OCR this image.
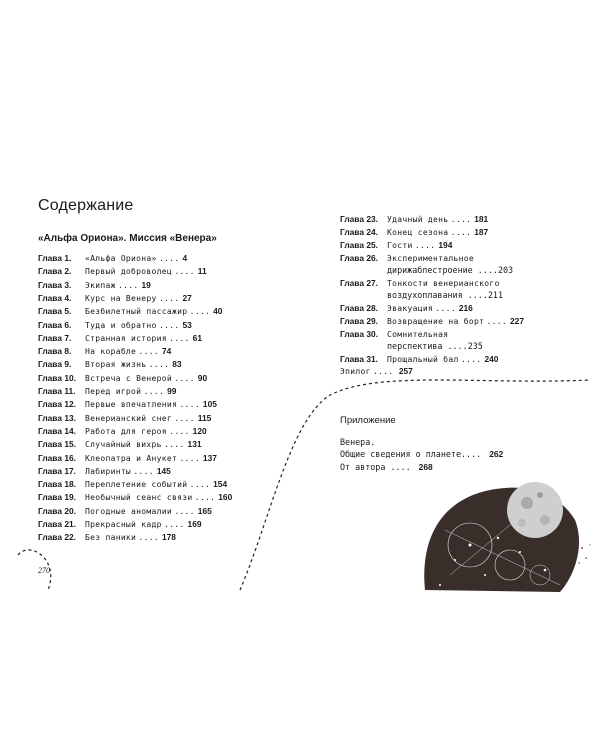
Содержание
«Альфа Ориона». Миссия «Венера»
Глава 1. «Альфа Ориона» .... 4
Глава 2. Первый доброволец .... 11
Глава 3. Экипаж .... 19
Глава 4. Курс на Венеру .... 27
Глава 5. Безбилетный пассажир .... 40
Глава 6. Туда и обратно .... 53
Глава 7. Странная история .... 61
Глава 8. На корабле .... 74
Глава 9. Вторая жизнь .... 83
Глава 10. Встреча с Венерой .... 90
Глава 11. Перед игрой .... 99
Глава 12. Первые впечатления .... 105
Глава 13. Венерианский снег .... 115
Глава 14. Работа для героя .... 120
Глава 15. Случайный вихрь .... 131
Глава 16. Клеопатра и Анукет .... 137
Глава 17. Лабиринты .... 145
Глава 18. Переплетение событий .... 154
Глава 19. Необычный сеанс связи .... 160
Глава 20. Погодные аномалии .... 165
Глава 21. Прекрасный кадр .... 169
Глава 22. Без паники .... 178
Глава 23. Удачный день .... 181
Глава 24. Конец сезона .... 187
Глава 25. Гости .... 194
Глава 26. Экспериментальное
дирижаблестроение ....203
Глава 27. Тонкости венерианского
воздухоплавания ....211
Глава 28. Эвакуация .... 216
Глава 29. Возвращение на борт .... 227
Глава 30. Сомнительная
перспектива ....235
Глава 31. Прощальный бал .... 240
Эпилог .... 257
Приложение
Венера.
Общие сведения о планете.... 262
От автора .... 268
270
